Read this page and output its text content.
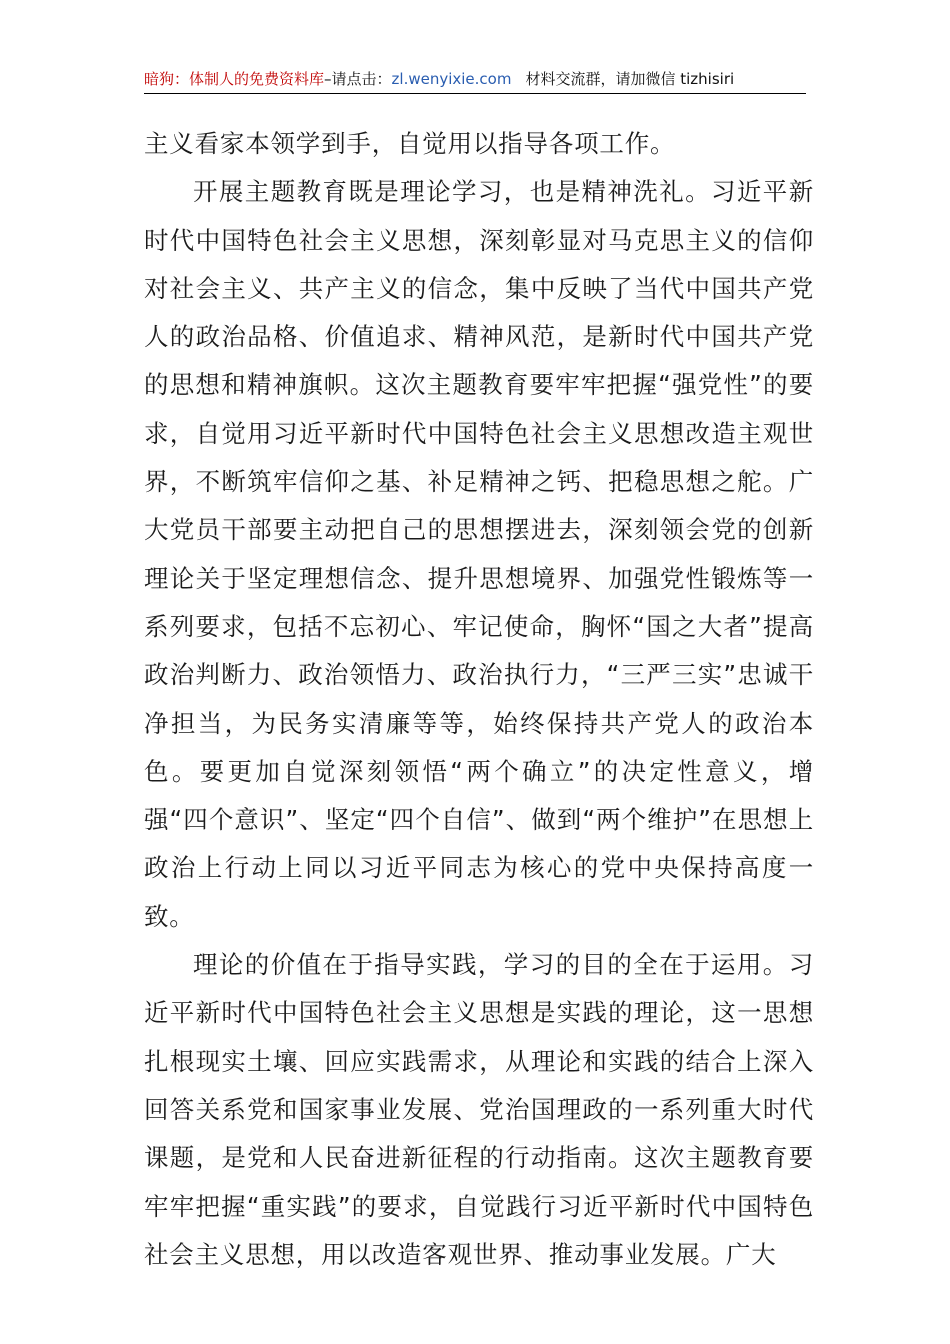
暗狗：体制人的免费资料库–请点击：zl.wenyixie.com 材料交流群，请加微信 tizhisiri

主义看家本领学到手，自觉用以指导各项工作。

开展主题教育既是理论学习，也是精神洗礼。习近平新时代中国特色社会主义思想，深刻彰显对马克思主义的信仰对社会主义、共产主义的信念，集中反映了当代中国共产党人的政治品格、价值追求、精神风范，是新时代中国共产党的思想和精神旗帜。这次主题教育要牢牢把握“强党性”的要求，自觉用习近平新时代中国特色社会主义思想改造主观世界，不断筑牢信仰之基、补足精神之钙、把稳思想之舵。广大党员干部要主动把自己的思想摆进去，深刻领会党的创新理论关于坚定理想信念、提升思想境界、加强党性锻炼等一系列要求，包括不忘初心、牢记使命，胸怀“国之大者”提高政治判断力、政治领悟力、政治执行力，“三严三实”忠诚干净担当，为民务实清廉等等，始终保持共产党人的政治本色。要更加自觉深刻领悟“两个确立”的决定性意义，增强“四个意识”、坚定“四个自信”、做到“两个维护”在思想上政治上行动上同以习近平同志为核心的党中央保持高度一致。

理论的价值在于指导实践，学习的目的全在于运用。习近平新时代中国特色社会主义思想是实践的理论，这一思想扎根现实土壤、回应实践需求，从理论和实践的结合上深入回答关系党和国家事业发展、党治国理政的一系列重大时代课题，是党和人民奋进新征程的行动指南。这次主题教育要牢牢把握“重实践”的要求，自觉践行习近平新时代中国特色社会主义思想，用以改造客观世界、推动事业发展。广大
